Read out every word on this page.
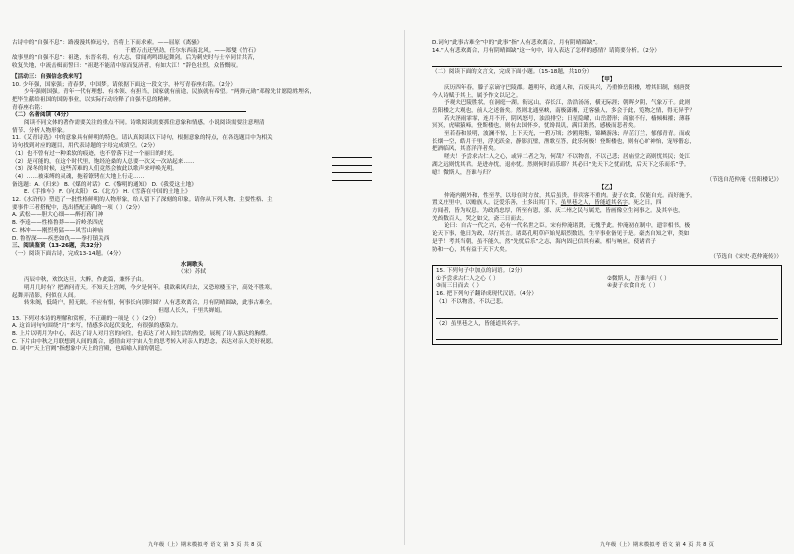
古诗中的“自强不息”：路漫漫其修远兮，吾将上下而求索。——屈原《离骚》

千磨万击还坚劲，任尔东西南北风。——郑燮《竹石》

故事里的“自强不息”：祖逖，东晋名将，有大志，常闻鸡鸣即起舞剑。后为刺史时与士卒同甘共苦，

收复失地，中流击楫而誓曰：“祖逖不能清中原而复济者，有如大江！”辞色壮烈，众皆慨叹。

【活动三：自强信念我来写】

10. 少年强，国家强；青春梦，中国梦。请依据下面这一段文字，补写青春座右铭。（2分）

少年强则国强。青年一代有理想、有本领、有担当，国家就有前途，民族就有希望。“两弹元勋”邓稼先甘愿隐姓埋名，

把毕生献给祖国的国防事业，以实际行动诠释了自强不息的精神。

青春座右铭：

（二）名著阅读（4分）

阅读不同文体的著作需要关注的重点不同。诗歌阅读需要抓住意象和情感，小说阅读需要注意理清

情节、分析人物形象。

11.《艾青诗选》中的意象具有鲜明的特色。请认真阅读以下诗句，根据意象的特点，在各选题目中为相关

诗句找到对应的题目，用代表诗题的字母完成填空。（2分）

（1）也不曾有过一种柔软的痕迹，也不曾落下过一个丽日的时光。

（2）是可能的，在这个时代里，饱经沧桑的人总要一次又一次站起来……

（3）深冬的时候，这些苦难的人们竟然会彼此以歌声来呼唤光明。

（4）……被束缚的灵魂，拖着镣铐在大地上行走……

备选题：A.《归来》 B.《煤的对话》 C.《黎明的通知》 D.《我爱这土地》

E.《手推车》 F.《向太阳》 G.《北方》 H.《雪落在中国的土地上》

12.《水浒传》塑造了一批性格鲜明的人物形象，给人留下了深刻的印象。请你从下列人物、主要性格、主

要事件三者搭配中，选出搭配正确的一项（ ）（2分）

A. 武松——胆大心细——醉打蒋门神

B. 李逵——性格鲁莽——沂岭杀四虎

C. 林冲——刚烈勇猛——风雪山神庙

D. 鲁智深——疾恶如仇——拳打镇关西

三、阅读鉴赏（13-26题，共32分）

（一）阅读下面古诗，完成13-14题。（4分）

水调歌头

（宋）苏轼

丙辰中秋，欢饮达旦，大醉，作此篇，兼怀子由。

明月几时有？把酒问青天。不知天上宫阙，今夕是何年。我欲乘风归去，又恐琼楼玉宇，高处不胜寒。

起舞弄清影，何似在人间。

转朱阁，低绮户，照无眠。不应有恨，何事长向别时圆？人有悲欢离合，月有阴晴圆缺，此事古难全。

但愿人长久，千里共婵娟。

13. 下列对本诗的理解和赏析，不正确的一项是（ ）（2分）

A. 这首词句句围绕“月”来写，情感多次起伏变化，有很强的感染力。

B. 上片以明月为中心，表达了诗人对月宫的向往，也表达了对人间生活的热爱，展现了诗人豁达的胸襟。

C. 下片由中秋之月联想到人间的离合，感情由对宇宙人生的思考转入对亲人的思念，表达对亲人美好祝愿。

D. 词中“天上宫阙”指想象中天上的宫殿，也暗喻人间的朝廷。

D.词句“此事古难全”中的“此事”指“人有悲欢离合，月有阴晴圆缺”。

14.“人有悲欢离合，月有阴晴圆缺”这一句中，诗人表达了怎样的感情？请简要分析。（2分）

（二）阅读下面的文言文，完成下面小题。（15-18题，共10分）

【甲】

庆历四年春，滕子京谪守巴陵郡。越明年，政通人和，百废具兴，乃重修岳阳楼，增其旧制，刻唐贤

今人诗赋于其上，属予作文以记之。

予观夫巴陵胜状，在洞庭一湖。衔远山，吞长江，浩浩汤汤，横无际涯；朝晖夕阴，气象万千。此则

岳阳楼之大观也，前人之述备矣。然则北通巫峡，南极潇湘，迁客骚人，多会于此，览物之情，得无异乎？

若夫淫雨霏霏，连月不开，阴风怒号，浊浪排空；日星隐曜，山岳潜形；商旅不行，樯倾楫摧；薄暮

冥冥，虎啸猿啼。登斯楼也，则有去国怀乡，忧谗畏讥，满目萧然，感极而悲者矣。

至若春和景明，波澜不惊，上下天光，一碧万顷；沙鸥翔集，锦鳞游泳；岸芷汀兰，郁郁青青。而或

长烟一空，皓月千里，浮光跃金，静影沉璧，渔歌互答，此乐何极！登斯楼也，则有心旷神怡，宠辱偕忘，

把酒临风，其喜洋洋者矣。

嗟夫！予尝求古仁人之心，或异二者之为，何哉？不以物喜，不以己悲；居庙堂之高则忧其民；处江

湖之远则忧其君。是进亦忧，退亦忧。然则何时而乐耶？其必曰“先天下之忧而忧，后天下之乐而乐”乎。

噫！微斯人，吾谁与归？

（节选自范仲淹《岳阳楼记》）

【乙】

仲淹内刚外和，性至孝，以母在时方贫，其后虽贵，非宾客不重肉。妻子衣食，仅能自充。而好施予，

置义庄里中，以赡族人。泛爱乐善，士多出其门下，虽里巷之人，皆能道其名字。死之日，四

方闻者，皆为叹息。为政尚忠厚，所至有恩，邠、庆二州之民与属羌，皆画像立生祠事之。及其卒也，

羌酋数百人，哭之如父，斋三日而去。

论曰：自古一代之兴，必有一代名世之臣。宋有仲淹诸贤，无愧乎此。仲淹初在制中，遗宰相书，极

论天下事，他日为政，尽行其言。诸葛孔明草庐始见昭烈数语，生平事业备见于是。豪杰自知之审，类如

是乎！考其当朝，虽不能久，然“先忧后乐”之志，海内固已信其有素，相与响应，使诸君子

协和一心，其有益于天下大矣。

（节选自《宋史·范仲淹传》）

15. 下列句子中加点的词语。（2分）

①予尝求古仁人之心（ ）	②微斯人，吾谁与归（ ）

③而三日而去（ ）	④妻子衣食自充（ ）

16. 把下列句子翻译成现代汉语。（4分）

（1）不以物喜，不以己悲。

（2）虽里巷之人，皆能道其名字。

九年级（上）期末模拟考 语文 第 3 页 共 8 页	九年级（上）期末模拟考 语文 第 4 页 共 8 页
